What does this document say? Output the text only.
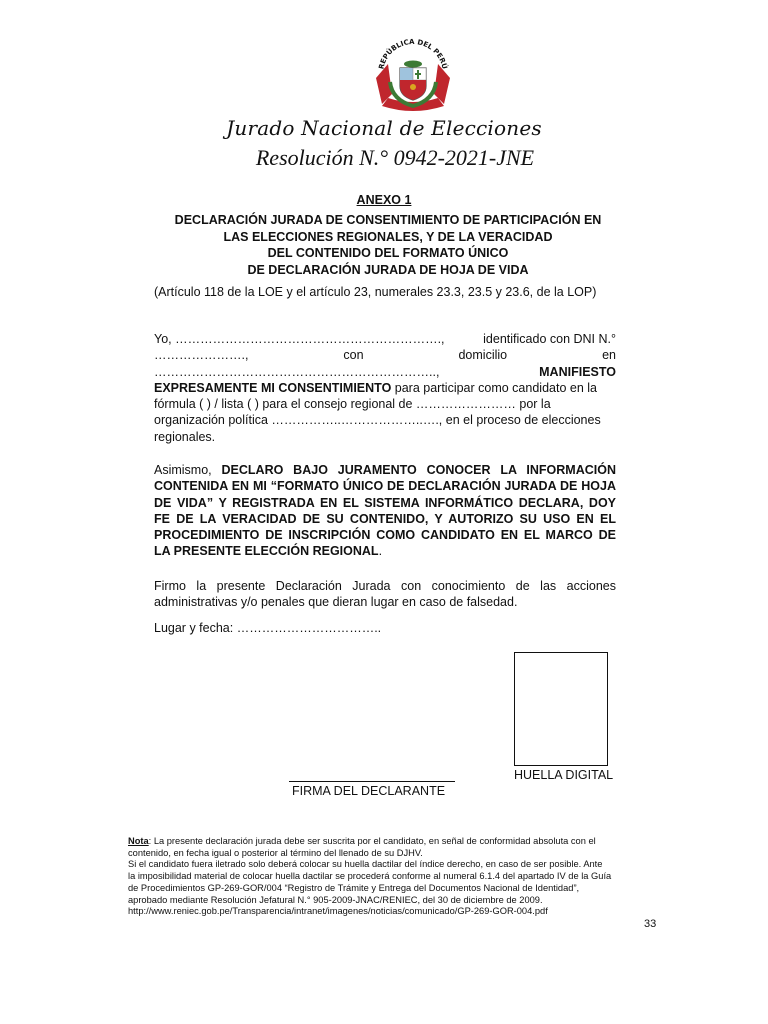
REPÚBLICA DEL PERÚ
Jurado Nacional de Elecciones
Resolución N.° 0942-2021-JNE
ANEXO 1
DECLARACIÓN JURADA DE CONSENTIMIENTO DE PARTICIPACIÓN EN
LAS ELECCIONES REGIONALES, Y DE LA VERACIDAD
DEL CONTENIDO DEL FORMATO ÚNICO
DE DECLARACIÓN JURADA DE HOJA DE VIDA
(Artículo 118 de la LOE y el artículo 23, numerales 23.3, 23.5 y 23.6, de la LOP)
Yo, ……………………………………………………….,	identificado con DNI N.°
………………….,	con	domicilio	en
…………………………………………………………..,	MANIFIESTO
EXPRESAMENTE MI CONSENTIMIENTO para participar como candidato en la
fórmula ( ) / lista ( ) para el consejo regional de …………………… por la
organización política ……………..………………..…., en el proceso de elecciones
regionales.
Asimismo, DECLARO BAJO JURAMENTO CONOCER LA INFORMACIÓN CONTENIDA EN MI “FORMATO ÚNICO DE DECLARACIÓN JURADA DE HOJA DE VIDA” Y REGISTRADA EN EL SISTEMA INFORMÁTICO DECLARA, DOY FE DE LA VERACIDAD DE SU CONTENIDO, Y AUTORIZO SU USO EN EL PROCEDIMIENTO DE INSCRIPCIÓN COMO CANDIDATO EN EL MARCO DE LA PRESENTE ELECCIÓN REGIONAL.
Firmo la presente Declaración Jurada con conocimiento de las acciones
administrativas y/o penales que dieran lugar en caso de falsedad.
Lugar y fecha: ……………………………..
HUELLA DIGITAL
FIRMA DEL DECLARANTE
Nota: La presente declaración jurada debe ser suscrita por el candidato, en señal de conformidad absoluta con el
contenido, en fecha igual o posterior al término del llenado de su DJHV.
Si el candidato fuera iletrado solo deberá colocar su huella dactilar del índice derecho, en caso de ser posible. Ante
la imposibilidad material de colocar huella dactilar se procederá conforme al numeral 6.1.4 del apartado IV de la Guía
de Procedimientos GP-269-GOR/004 “Registro de Trámite y Entrega del Documentos Nacional de Identidad”,
aprobado mediante Resolución Jefatural N.° 905-2009-JNAC/RENIEC, del 30 de diciembre de 2009.
http://www.reniec.gob.pe/Transparencia/intranet/imagenes/noticias/comunicado/GP-269-GOR-004.pdf
33
